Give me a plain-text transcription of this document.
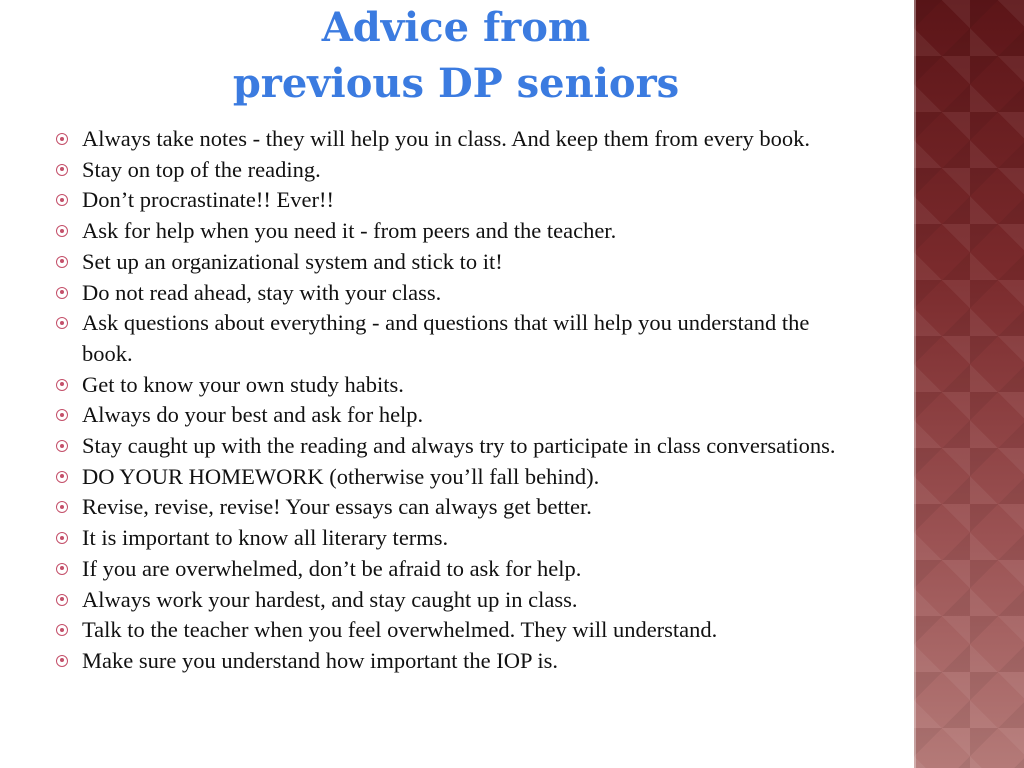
Advice from
previous DP seniors
Always take notes - they will help you in class. And keep them from every book.
Stay on top of the reading.
Don’t procrastinate!! Ever!!
Ask for help when you need it - from peers and the teacher.
Set up an organizational system and stick to it!
Do not read ahead, stay with your class.
Ask questions about everything - and questions that will help you understand the book.
Get to know your own study habits.
Always do your best and ask for help.
Stay caught up with the reading and always try to participate in class conversations.
DO YOUR HOMEWORK (otherwise you’ll fall behind).
Revise, revise, revise! Your essays can always get better.
It is important to know all literary terms.
If you are overwhelmed, don’t be afraid to ask for help.
Always work your hardest, and stay caught up in class.
Talk to the teacher when you feel overwhelmed. They will understand.
Make sure you understand how important the IOP is.
